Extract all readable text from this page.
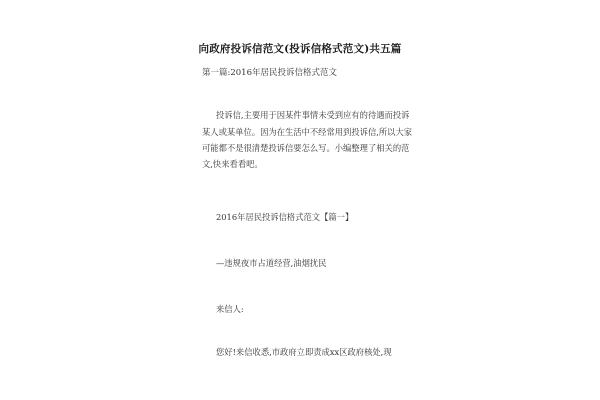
向政府投诉信范文(投诉信格式范文)共五篇
第一篇:2016年居民投诉信格式范文
投诉信,主要用于因某件事情未受到应有的待遇而投诉
某人或某单位。因为在生活中不经常用到投诉信,所以大家
可能都不是很清楚投诉信要怎么写。小编整理了相关的范
文,快来看看吧。
2016年居民投诉信格式范文【篇一】
—违规夜市占道经营,油烟扰民
来信人:
您好!来信收悉,市政府立即责成xx区政府核处,现
